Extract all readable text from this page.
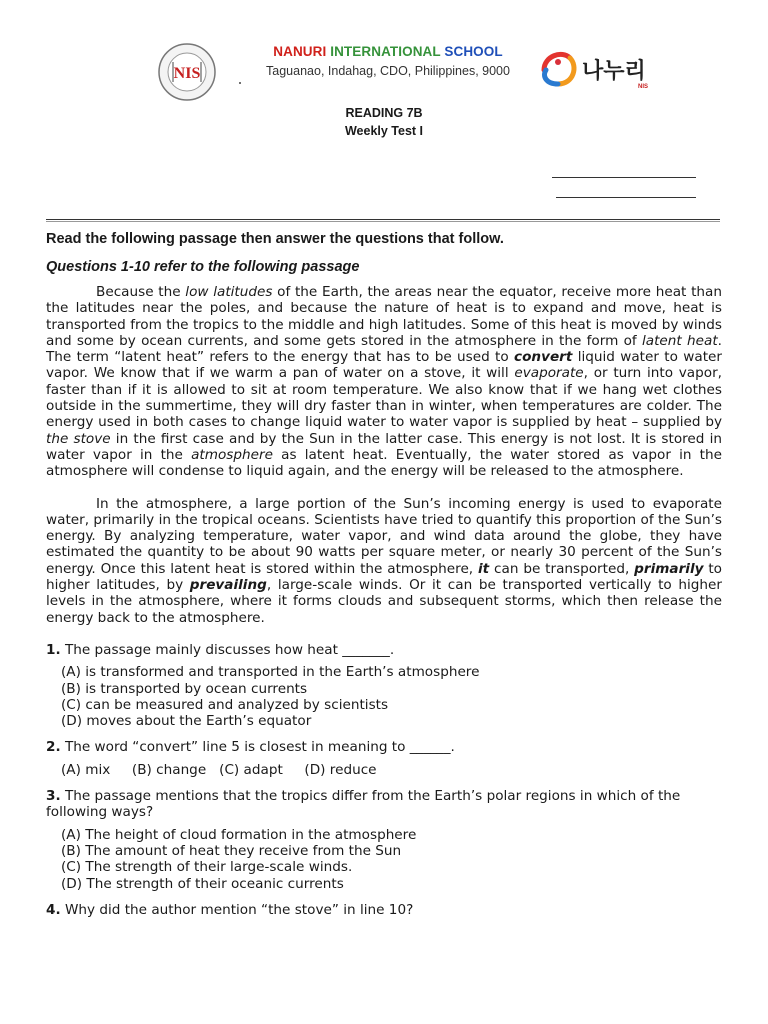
NIS
NANURI INTERNATIONAL SCHOOL
Taguanao, Indahag, CDO, Philippines, 9000	나누리
NIS
READING 7B
Weekly Test I
Read the following passage then answer the questions that follow.
Questions 1-10 refer to the following passage

Because the low latitudes of the Earth, the areas near the equator, receive more heat than the latitudes near the poles, and because the nature of heat is to expand and move, heat is transported from the tropics to the middle and high latitudes. Some of this heat is moved by winds and some by ocean currents, and some gets stored in the atmosphere in the form of latent heat. The term “latent heat” refers to the energy that has to be used to convert liquid water to water vapor. We know that if we warm a pan of water on a stove, it will evaporate, or turn into vapor, faster than if it is allowed to sit at room temperature. We also know that if we hang wet clothes outside in the summertime, they will dry faster than in winter, when temperatures are colder. The energy used in both cases to change liquid water to water vapor is supplied by heat – supplied by the stove in the first case and by the Sun in the latter case. This energy is not lost. It is stored in water vapor in the atmosphere as latent heat. Eventually, the water stored as vapor in the atmosphere will condense to liquid again, and the energy will be released to the atmosphere.

In the atmosphere, a large portion of the Sun’s incoming energy is used to evaporate water, primarily in the tropical oceans. Scientists have tried to quantify this proportion of the Sun’s energy. By analyzing temperature, water vapor, and wind data around the globe, they have estimated the quantity to be about 90 watts per square meter, or nearly 30 percent of the Sun’s energy. Once this latent heat is stored within the atmosphere, it can be transported, primarily to higher latitudes, by prevailing, large-scale winds. Or it can be transported vertically to higher levels in the atmosphere, where it forms clouds and subsequent storms, which then release the energy back to the atmosphere.

1. The passage mainly discusses how heat _______.
(A) is transformed and transported in the Earth’s atmosphere
(B) is transported by ocean currents
(C) can be measured and analyzed by scientists
(D) moves about the Earth’s equator
2. The word “convert” line 5 is closest in meaning to ______.
(A) mix     (B) change   (C) adapt     (D) reduce
3. The passage mentions that the tropics differ from the Earth’s polar regions in which of the following ways?
(A) The height of cloud formation in the atmosphere
(B) The amount of heat they receive from the Sun
(C) The strength of their large-scale winds.
(D) The strength of their oceanic currents
4. Why did the author mention “the stove” in line 10?
